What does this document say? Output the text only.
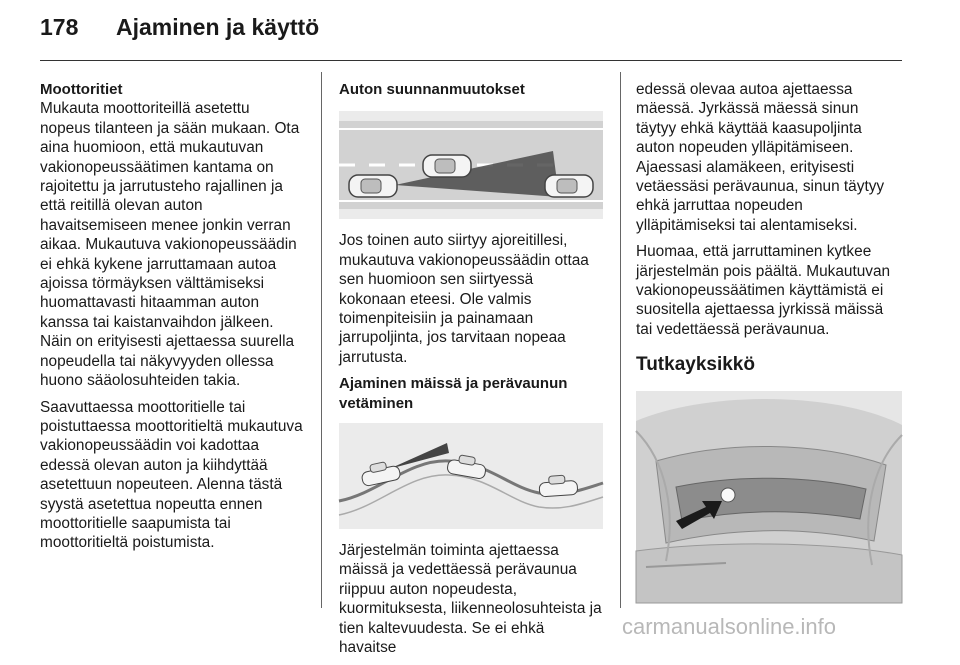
178	Ajaminen ja käyttö
Moottoritiet

Mukauta moottoriteillä asetettu nopeus tilanteen ja sään mukaan. Ota aina huomioon, että mukautuvan vakionopeussäätimen kantama on rajoitettu ja jarrutusteho rajallinen ja että reitillä olevan auton havaitsemiseen menee jonkin verran aikaa. Mukautuva vakionopeussäädin ei ehkä kykene jarruttamaan autoa ajoissa törmäyksen välttämiseksi huomattavasti hitaamman auton kanssa tai kaistanvaihdon jälkeen. Näin on erityisesti ajettaessa suurella nopeudella tai näkyvyyden ollessa huono sääolosuhteiden takia.

Saavuttaessa moottoritielle tai poistuttaessa moottoritieltä mukautuva vakionopeussäädin voi kadottaa edessä olevan auton ja kiihdyttää asetettuun nopeuteen. Alenna tästä syystä asetettua nopeutta ennen moottoritielle saapumista tai moottoritieltä poistumista.

Auton suunnanmuutokset

Jos toinen auto siirtyy ajoreitillesi, mukautuva vakionopeussäädin ottaa sen huomioon sen siirtyessä kokonaan eteesi. Ole valmis toimenpiteisiin ja painamaan jarrupoljinta, jos tarvitaan nopeaa jarrutusta.

Ajaminen mäissä ja perävaunun vetäminen

Järjestelmän toiminta ajettaessa mäissä ja vedettäessä perävaunua riippuu auton nopeudesta, kuormituksesta, liikenneolosuhteista ja tien kaltevuudesta. Se ei ehkä havaitse

edessä olevaa autoa ajettaessa mäessä. Jyrkässä mäessä sinun täytyy ehkä käyttää kaasupoljinta auton nopeuden ylläpitämiseen. Ajaessasi alamäkeen, erityisesti vetäessäsi perävaunua, sinun täytyy ehkä jarruttaa nopeuden ylläpitämiseksi tai alentamiseksi.

Huomaa, että jarruttaminen kytkee järjestelmän pois päältä. Mukautuvan vakionopeussäätimen käyttämistä ei suositella ajettaessa jyrkissä mäissä tai vedettäessä perävaunua.

Tutkayksikkö
carmanualsonline.info
